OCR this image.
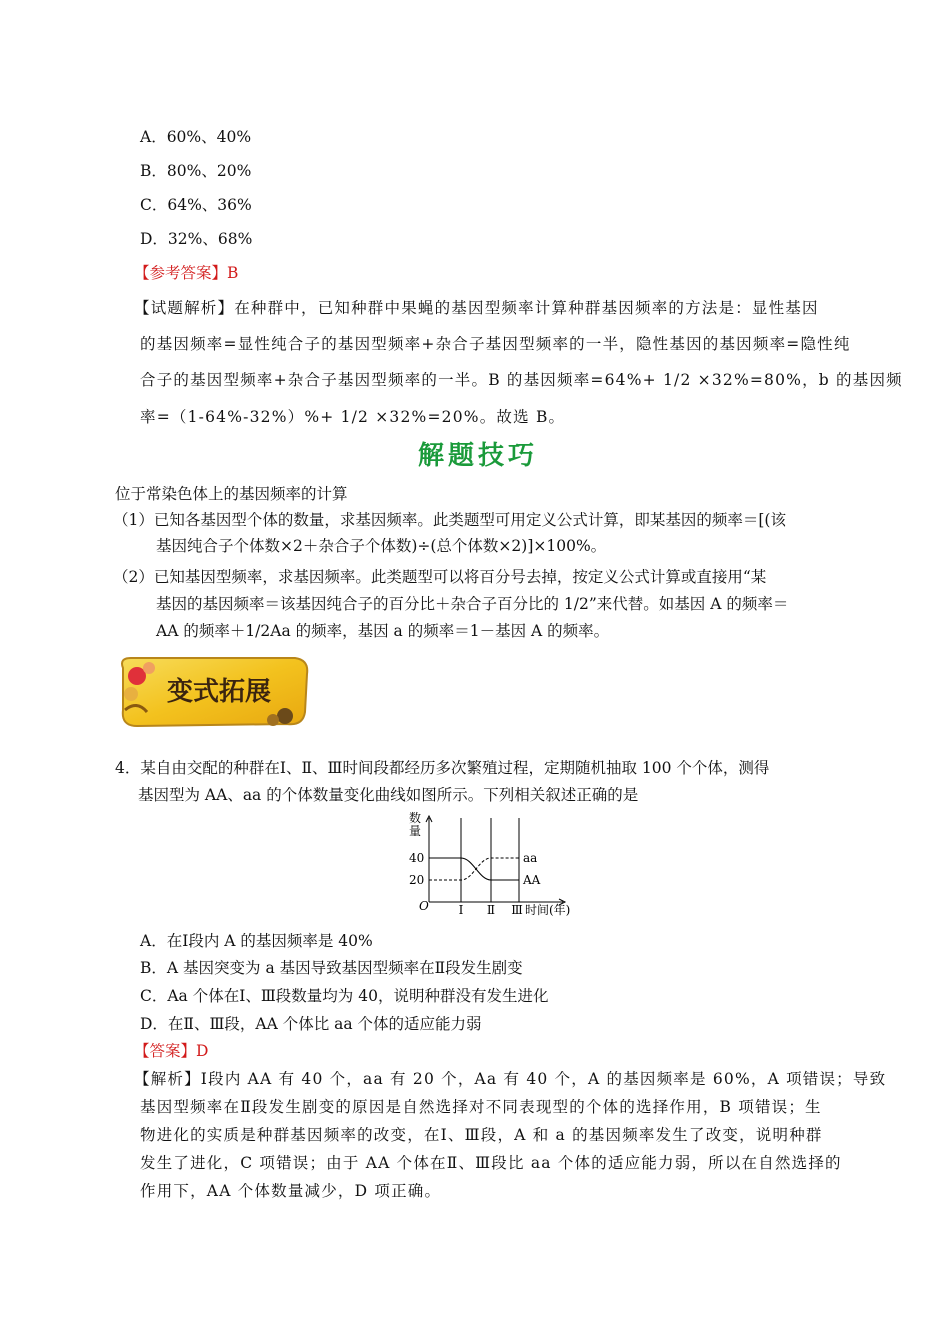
A．60%、40%
B．80%、20%
C．64%、36%
D．32%、68%
【参考答案】B
【试题解析】在种群中，已知种群中果蝇的基因型频率计算种群基因频率的方法是：显性基因
的基因频率=显性纯合子的基因型频率+杂合子基因型频率的一半，隐性基因的基因频率=隐性纯
合子的基因型频率+杂合子基因型频率的一半。B 的基因频率=64%+ 1/2 ×32%=80%，b 的基因频
率=（1-64%-32%）%+ 1/2 ×32%=20%。故选 B。
解题技巧
位于常染色体上的基因频率的计算
（1）已知各基因型个体的数量，求基因频率。此类题型可用定义公式计算，即某基因的频率＝[(该
基因纯合子个体数×2＋杂合子个体数)÷(总个体数×2)]×100%。
（2）已知基因型频率，求基因频率。此类题型可以将百分号去掉，按定义公式计算或直接用“某
基因的基因频率＝该基因纯合子的百分比＋杂合子百分比的 1/2”来代替。如基因 A 的频率＝
AA 的频率＋1/2Aa 的频率，基因 a 的频率＝1－基因 A 的频率。
变式拓展
4．某自由交配的种群在Ⅰ、Ⅱ、Ⅲ时间段都经历多次繁殖过程，定期随机抽取 100 个个体，测得
基因型为 AA、aa 的个体数量变化曲线如图所示。下列相关叙述正确的是
数
量
时间(年)
O
20
40
Ⅰ Ⅱ Ⅲ
AA
aa
A．在Ⅰ段内 A 的基因频率是 40%
B．A 基因突变为 a 基因导致基因型频率在Ⅱ段发生剧变
C．Aa 个体在Ⅰ、Ⅲ段数量均为 40，说明种群没有发生进化
D．在Ⅱ、Ⅲ段，AA 个体比 aa 个体的适应能力弱
【答案】D
【解析】Ⅰ段内 AA 有 40 个，aa 有 20 个，Aa 有 40 个，A 的基因频率是 60%，A 项错误；导致
基因型频率在Ⅱ段发生剧变的原因是自然选择对不同表现型的个体的选择作用，B 项错误；生
物进化的实质是种群基因频率的改变，在Ⅰ、Ⅲ段，A 和 a 的基因频率发生了改变，说明种群
发生了进化，C 项错误；由于 AA 个体在Ⅱ、Ⅲ段比 aa 个体的适应能力弱，所以在自然选择的
作用下，AA 个体数量减少，D 项正确。
